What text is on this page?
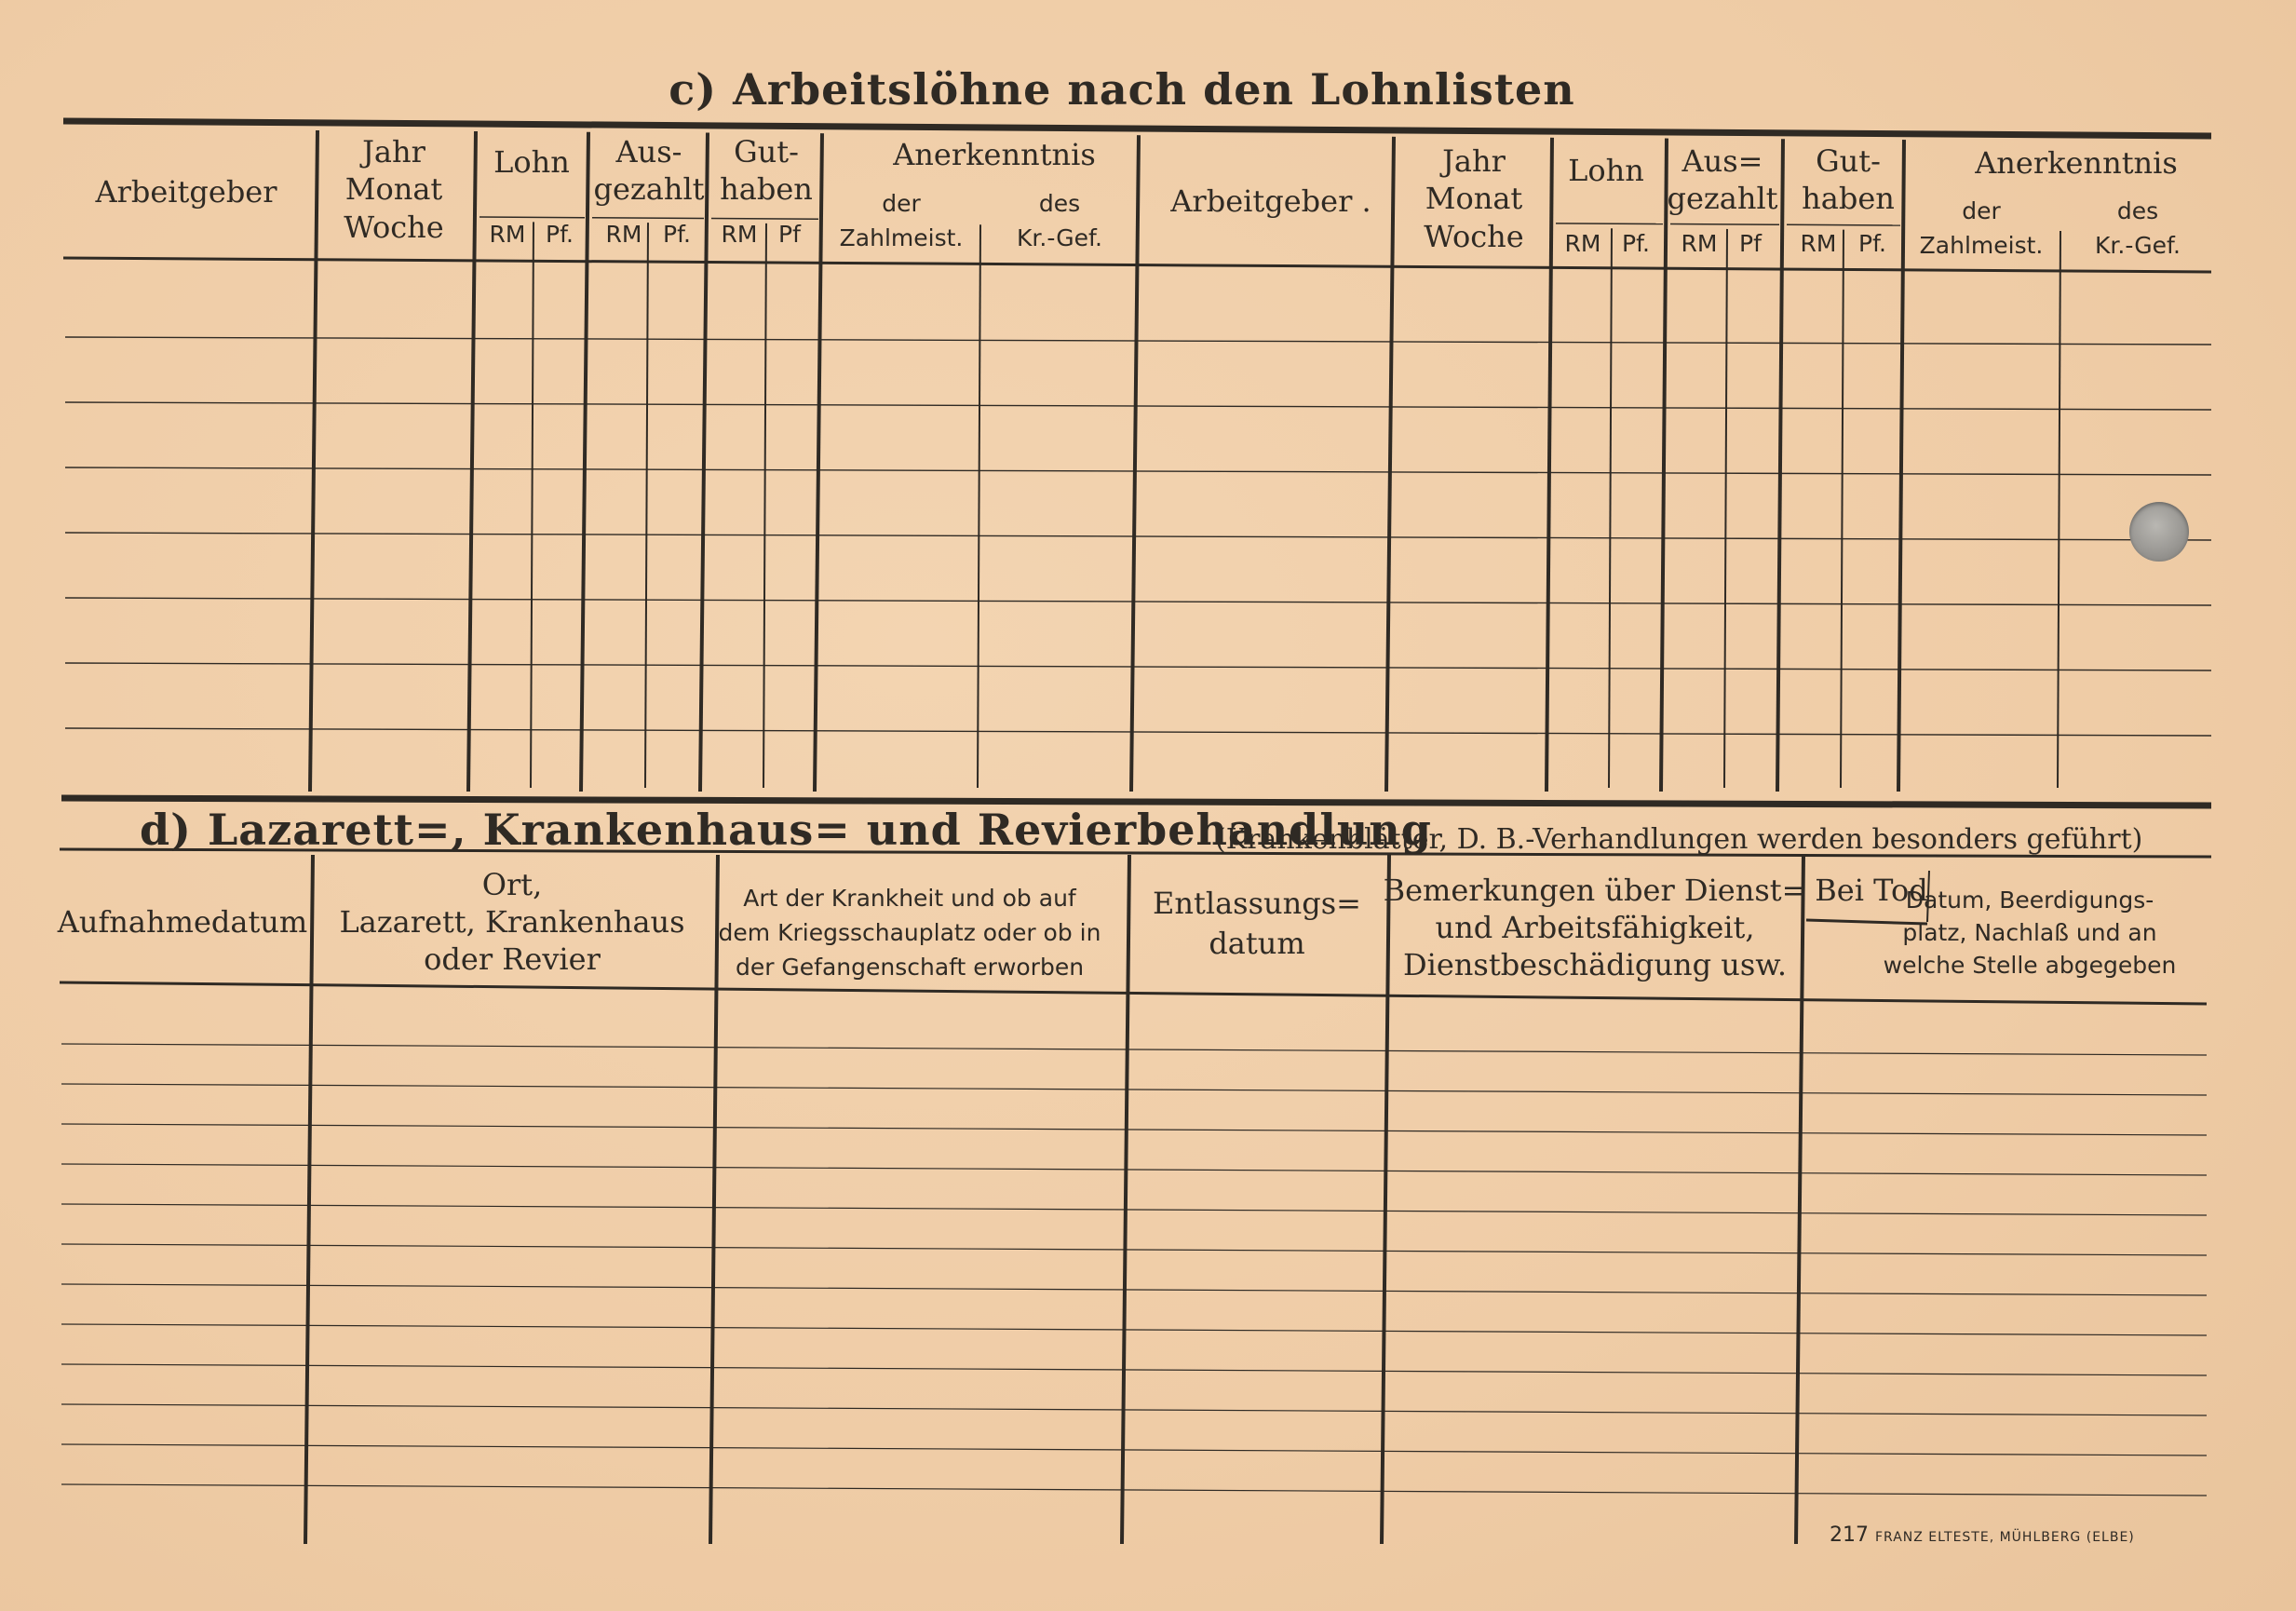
c) Arbeitslöhne nach den Lohnlisten
Arbeitgeber
Jahr
Monat
Woche
Lohn
RM Pf.
Aus-
gezahlt
RM Pf.
Gut-
haben
RM Pf
Anerkenntnis
der
Zahlmeist.
des
Kr.-Gef.
Arbeitgeber .
Jahr
Monat
Woche
Lohn
RM Pf.
Aus=
gezahlt
RM Pf
Gut-
haben
RM Pf.
Anerkenntnis
der
Zahlmeist.
des
Kr.-Gef.
d) Lazarett=, Krankenhaus= und Revierbehandlung
(Krankenblätter, D. B.-Verhandlungen werden besonders geführt)
Aufnahmedatum
Ort,
Lazarett, Krankenhaus
oder Revier
Art der Krankheit und ob auf
dem Kriegsschauplatz oder ob in
der Gefangenschaft erworben
Entlassungs=
datum
Bemerkungen über Dienst=
und Arbeitsfähigkeit,
Dienstbeschädigung usw.
Bei Tod
Datum, Beerdigungs-
platz, Nachlaß und an
welche Stelle abgegeben
217 FRANZ ELTESTE, MÜHLBERG (ELBE)
